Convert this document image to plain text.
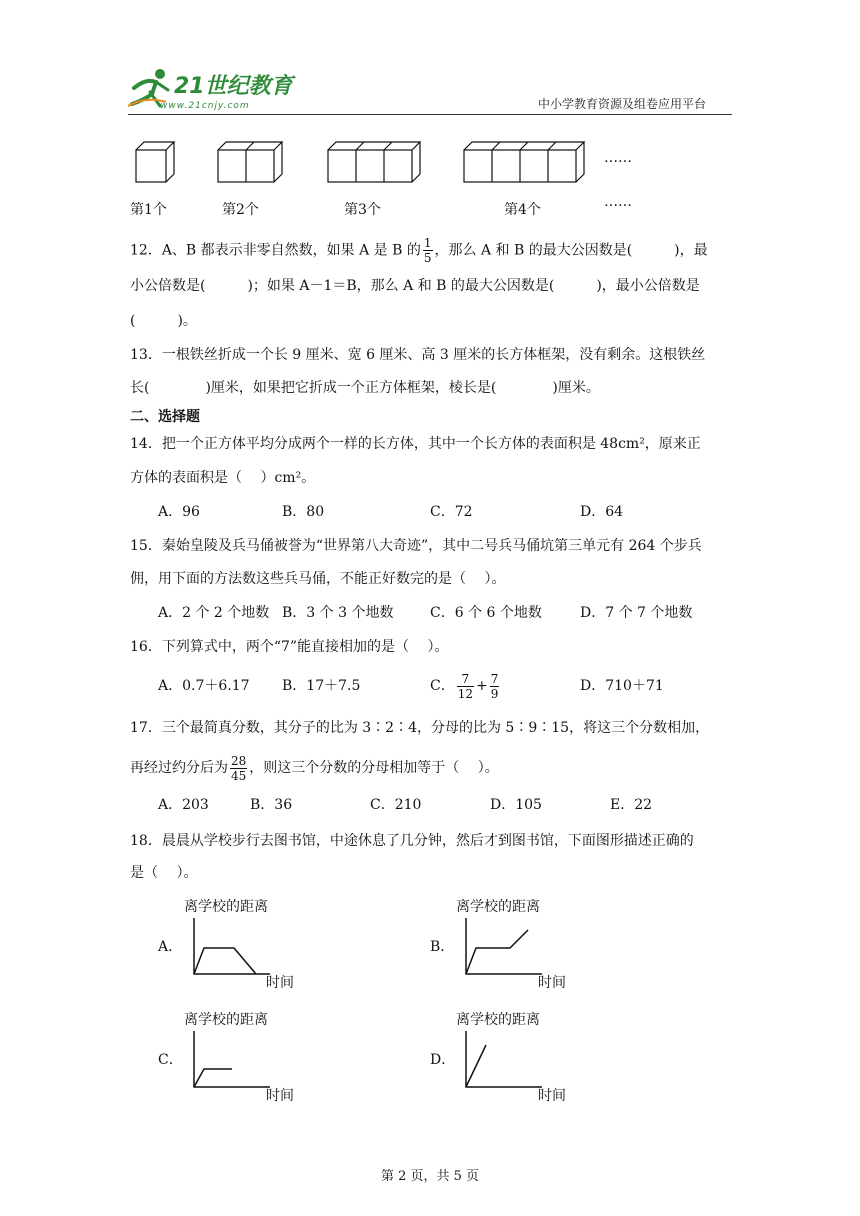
21世纪教育
www.21cnjy.com	中小学教育资源及组卷应用平台
……
第1个	第2个	第3个	第4个	……
12．A、B 都表示非零自然数，如果 A 是 B 的 $\frac{1}{5}$ ，那么 A 和 B 的最大公因数是(　　　)，最
小公倍数是(　　　)；如果 A－1＝B，那么 A 和 B 的最大公因数是(　　　)，最小公倍数是
(　　　)。
13．一根铁丝折成一个长 9 厘米、宽 6 厘米、高 3 厘米的长方体框架，没有剩余。这根铁丝
长(　　　　)厘米，如果把它折成一个正方体框架，棱长是(　　　　)厘米。
二、选择题
14．把一个正方体平均分成两个一样的长方体，其中一个长方体的表面积是 48cm²，原来正
方体的表面积是（　 ）cm²。
A．96	B．80	C．72	D．64
15．秦始皇陵及兵马俑被誉为“世界第八大奇迹”，其中二号兵马俑坑第三单元有 264 个步兵
佣，用下面的方法数这些兵马俑，不能正好数完的是（　 ）。
A．2 个 2 个地数 B．3 个 3 个地数	C．6 个 6 个地数	D．7 个 7 个地数
16．下列算式中，两个“7”能直接相加的是（　 ）。
A．0.7＋6.17 B．17＋7.5	C． $\frac{7}{12} + \frac{7}{9}$	D．710＋71
17．三个最简真分数，其分子的比为 3∶2∶4，分母的比为 5∶9∶15，将这三个分数相加，
再经过约分后为 $\frac{28}{45}$ ，则这三个分数的分母相加等于（　 ）。
A．203	B．36	C．210	D．105	E．22
18．晨晨从学校步行去图书馆，中途休息了几分钟，然后才到图书馆，下面图形描述正确的
是（　 ）。
离学校的距离
A．
时间
离学校的距离
B．
时间
离学校的距离
C．
时间
离学校的距离
D．
时间
第 2 页，共 5 页
